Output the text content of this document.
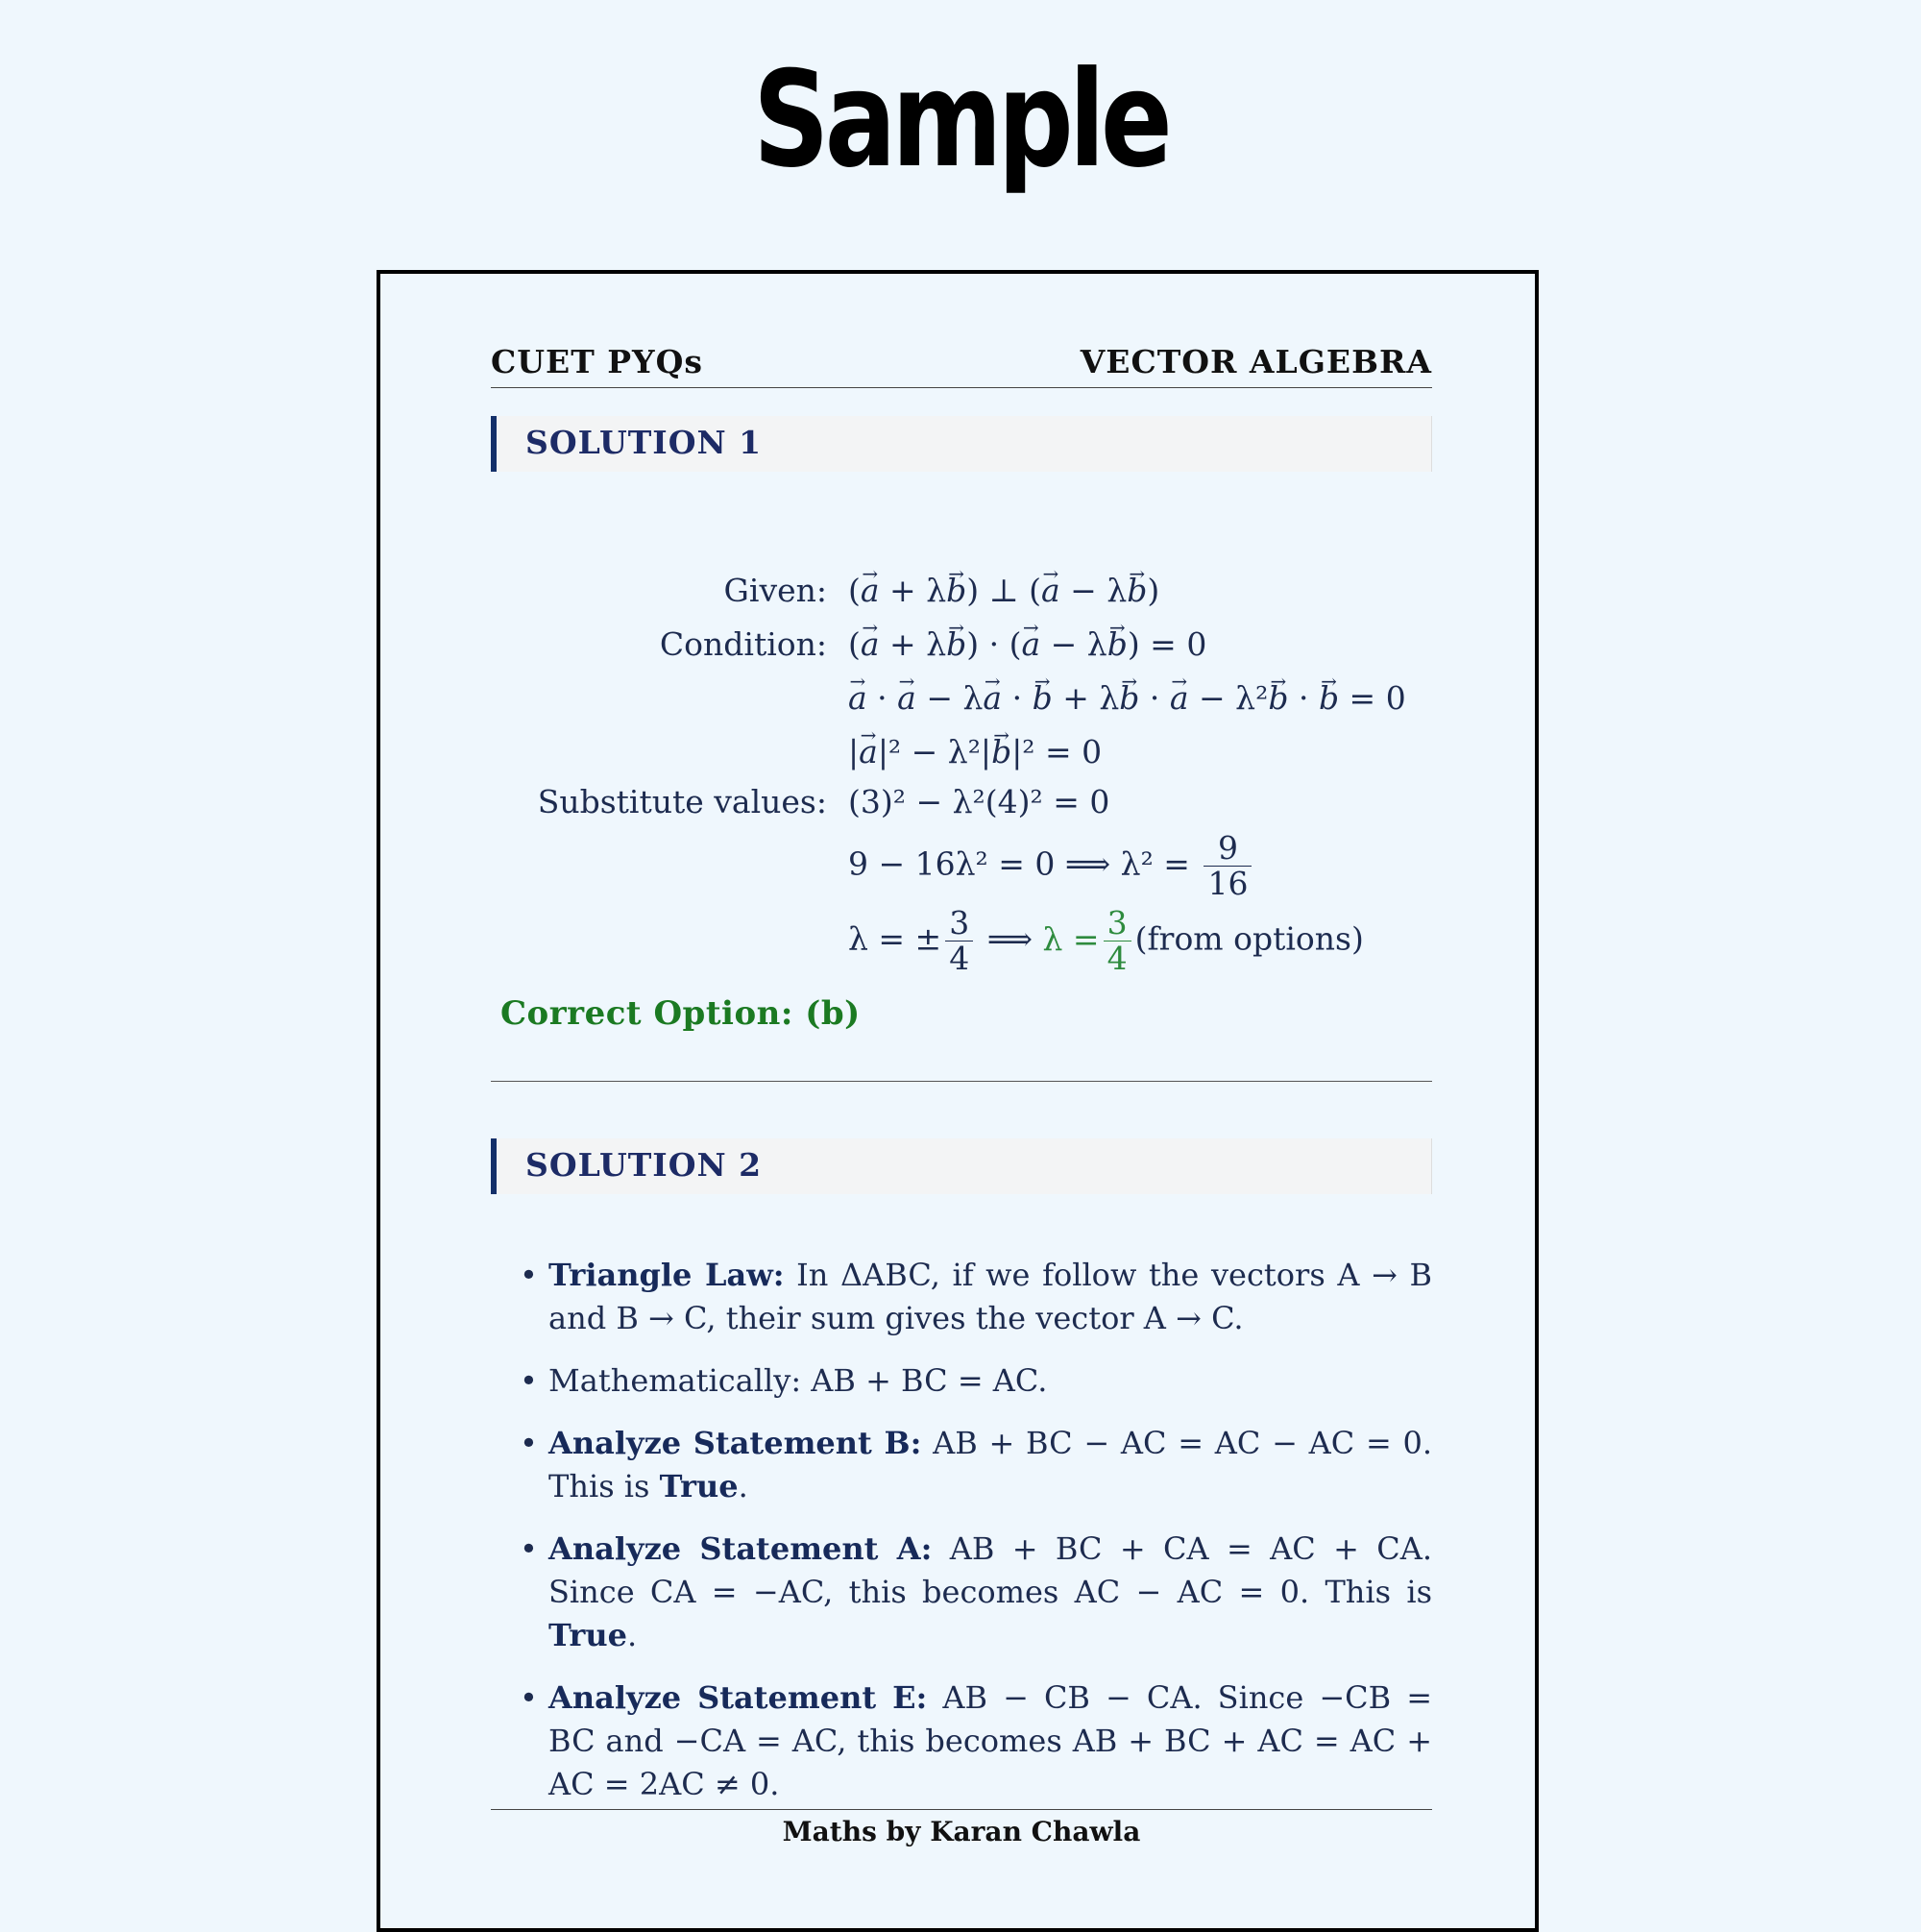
Sample
CUET PYQs	VECTOR ALGEBRA
SOLUTION 1
Given: (→ a + λ→ b) ⊥ (→ a − λ→ b)
Condition: (→ a + λ→ b) · (→ a − λ→ b) = 0
→ a · → a − λ→ a · → b + λ→ b · → a − λ²→ b · → b = 0
|→ a|² − λ²|→ b|² = 0
Substitute values: (3)² − λ²(4)² = 0
9 − 16λ² = 0 ⟹ $\lambda^2 = \frac{9}{16}$
λ = ± $\frac{3}{4}$ ⟹ $\lambda = \frac{3}{4}$ (from options)
Correct Option: (b)
SOLUTION 2
• Triangle Law: In ΔABC, if we follow the vectors A → B and B → C, their sum gives the vector A → C.
• Mathematically: AB + BC = AC.
• Analyze Statement B: AB + BC − AC = AC − AC = 0. This is True.
• Analyze Statement A: AB + BC + CA = AC + CA. Since CA = −AC, this becomes AC − AC = 0. This is True.
• Analyze Statement E: AB − CB − CA. Since −CB = BC and −CA = AC, this becomes AB + BC + AC = AC + AC = 2AC ≠ 0.
Maths by Karan Chawla
